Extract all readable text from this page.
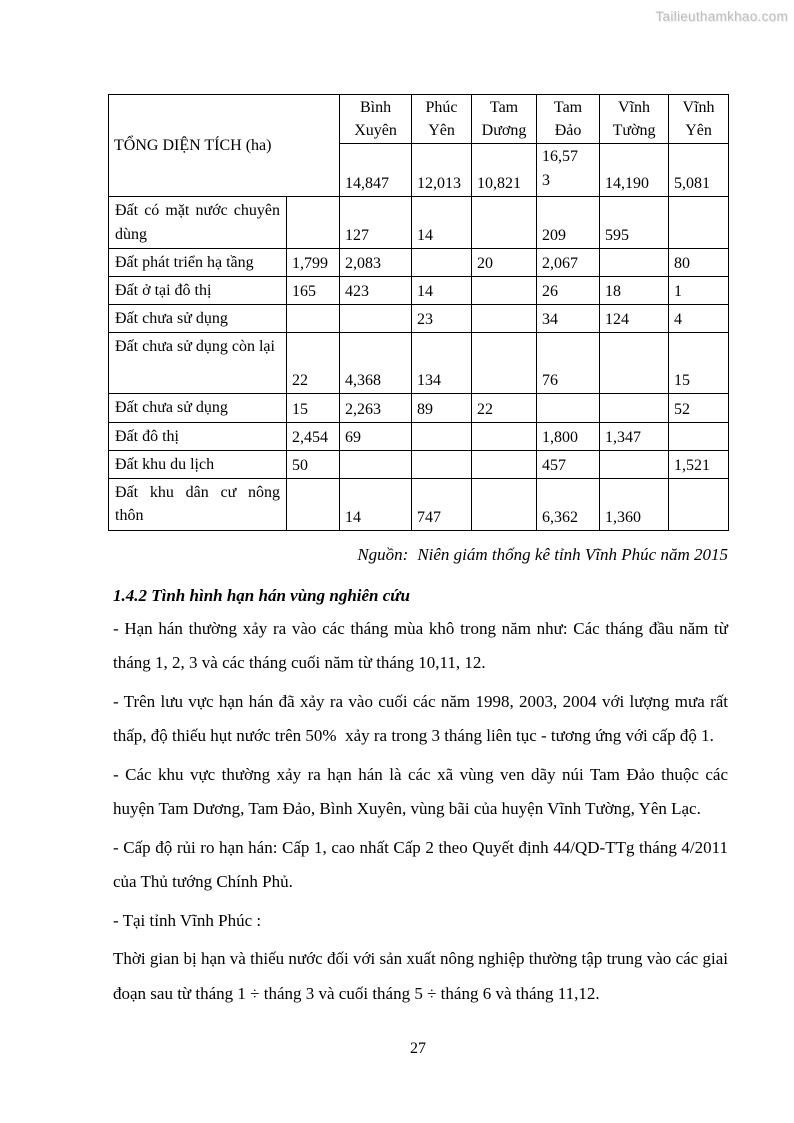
Tailieuthamkhao.com
TỔNG DIỆN TÍCH (ha)		Bình Xuyên	Phúc Yên	Tam Dương	Tam Đảo	Vĩnh Tường	Vĩnh Yên
		14,847	12,013	10,821	16,573	14,190	5,081
Đất có mặt nước chuyên dùng		127	14		209	595	
Đất phát triển hạ tầng	1,799	2,083		20	2,067		80
Đất ở tại đô thị	165	423	14		26	18	1
Đất chưa sử dụng			23		34	124	4
Đất chưa sử dụng còn lại	22	4,368	134		76		15
Đất chưa sử dụng	15	2,263	89	22			52
Đất đô thị	2,454	69			1,800	1,347	
Đất khu du lịch	50				457		1,521
Đất khu dân cư nông thôn		14	747		6,362	1,360	
Nguồn: Niên giám thống kê tỉnh Vĩnh Phúc năm 2015
1.4.2 Tình hình hạn hán vùng nghiên cứu

- Hạn hán thường xảy ra vào các tháng mùa khô trong năm như: Các tháng đầu năm từ tháng 1, 2, 3 và các tháng cuối năm từ tháng 10,11, 12.

- Trên lưu vực hạn hán đã xảy ra vào cuối các năm 1998, 2003, 2004 với lượng mưa rất thấp, độ thiếu hụt nước trên 50%  xảy ra trong 3 tháng liên tục - tương ứng với cấp độ 1.

- Các khu vực thường xảy ra hạn hán là các xã vùng ven dãy núi Tam Đảo thuộc các huyện Tam Dương, Tam Đảo, Bình Xuyên, vùng bãi của huyện Vĩnh Tường, Yên Lạc.

- Cấp độ rủi ro hạn hán: Cấp 1, cao nhất Cấp 2 theo Quyết định 44/QD-TTg tháng 4/2011 của Thủ tướng Chính Phủ.

- Tại tỉnh Vĩnh Phúc :

Thời gian bị hạn và thiếu nước đối với sản xuất nông nghiệp thường tập trung vào các giai đoạn sau từ tháng 1 ÷ tháng 3 và cuối tháng 5 ÷ tháng 6 và tháng 11,12.

27
